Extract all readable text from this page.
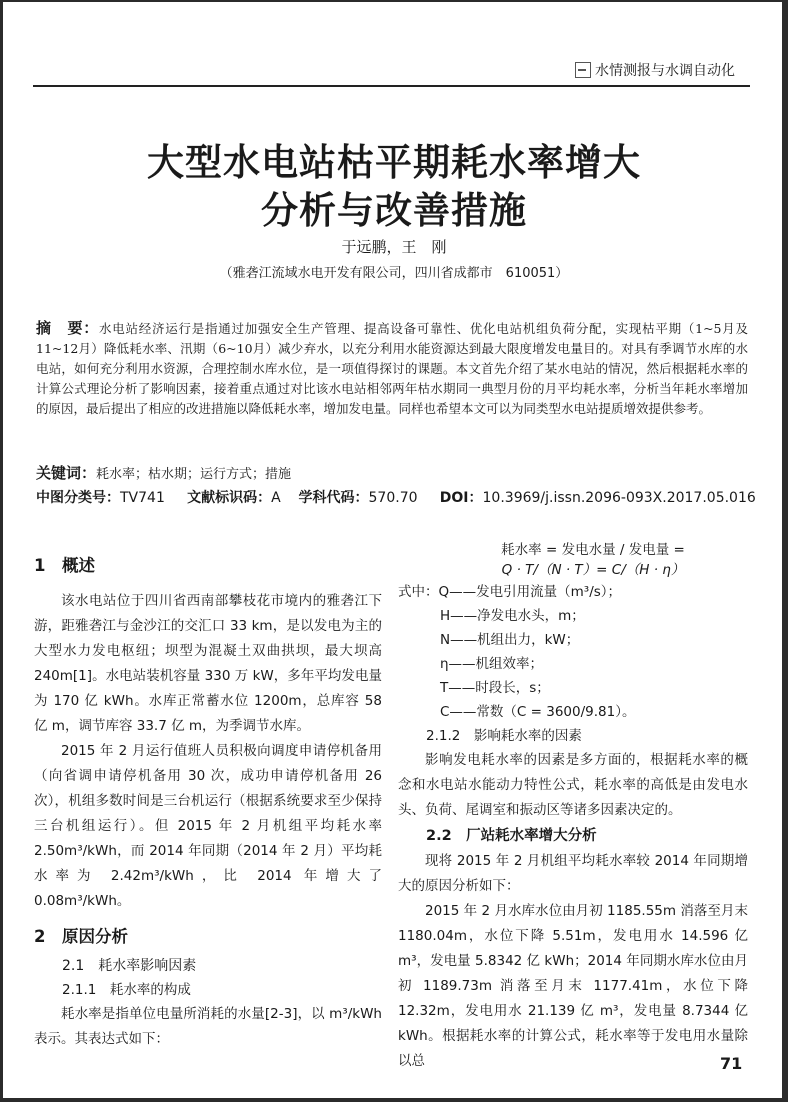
水情测报与水调自动化
大型水电站枯平期耗水率增大
分析与改善措施
于远鹏，王　刚
（雅砻江流域水电开发有限公司，四川省成都市　610051）
摘　要：水电站经济运行是指通过加强安全生产管理、提高设备可靠性、优化电站机组负荷分配，实现枯平期（1~5月及11~12月）降低耗水率、汛期（6~10月）减少弃水，以充分利用水能资源达到最大限度增发电量目的。对具有季调节水库的水电站，如何充分利用水资源，合理控制水库水位，是一项值得探讨的课题。本文首先介绍了某水电站的情况，然后根据耗水率的计算公式理论分析了影响因素，接着重点通过对比该水电站相邻两年枯水期同一典型月份的月平均耗水率，分析当年耗水率增加的原因，最后提出了相应的改进措施以降低耗水率，增加发电量。同样也希望本文可以为同类型水电站提质增效提供参考。
关键词：耗水率；枯水期；运行方式；措施
中图分类号：TV741 文献标识码：A 学科代码：570.70 DOI：10.3969/j.issn.2096-093X.2017.05.016
1　概述

该水电站位于四川省西南部攀枝花市境内的雅砻江下游，距雅砻江与金沙江的交汇口 33 km，是以发电为主的大型水力发电枢纽；坝型为混凝土双曲拱坝，最大坝高 240m[1]。水电站装机容量 330 万 kW，多年平均发电量为 170 亿 kWh。水库正常蓄水位 1200m，总库容 58 亿 m，调节库容 33.7 亿 m，为季调节水库。

2015 年 2 月运行值班人员积极向调度申请停机备用（向省调申请停机备用 30 次，成功申请停机备用 26 次），机组多数时间是三台机运行（根据系统要求至少保持三台机组运行）。但 2015 年 2 月机组平均耗水率 2.50m³/kWh，而 2014 年同期（2014 年 2 月）平均耗水率为 2.42m³/kWh，比 2014 年增大了 0.08m³/kWh。

2　原因分析
2.1　耗水率影响因素
2.1.1　耗水率的构成

耗水率是指单位电量所消耗的水量[2-3]，以 m³/kWh 表示。其表达式如下：

耗水率 = 发电水量 / 发电量 =
Q · T/（N · T）= C/（H · η）
式中：Q——发电引用流量（m³/s）；
H——净发电水头，m；
N——机组出力，kW；
η——机组效率；
T——时段长，s；
C——常数（C = 3600/9.81）。
2.1.2　影响耗水率的因素

影响发电耗水率的因素是多方面的，根据耗水率的概念和水电站水能动力特性公式，耗水率的高低是由发电水头、负荷、尾调室和振动区等诸多因素决定的。

2.2　厂站耗水率增大分析

现将 2015 年 2 月机组平均耗水率较 2014 年同期增大的原因分析如下：

2015 年 2 月水库水位由月初 1185.55m 消落至月末 1180.04m，水位下降 5.51m，发电用水 14.596 亿 m³，发电量 5.8342 亿 kWh；2014 年同期水库水位由月初 1189.73m 消落至月末 1177.41m，水位下降 12.32m，发电用水 21.139 亿 m³，发电量 8.7344 亿 kWh。根据耗水率的计算公式，耗水率等于发电用水量除以总	71
